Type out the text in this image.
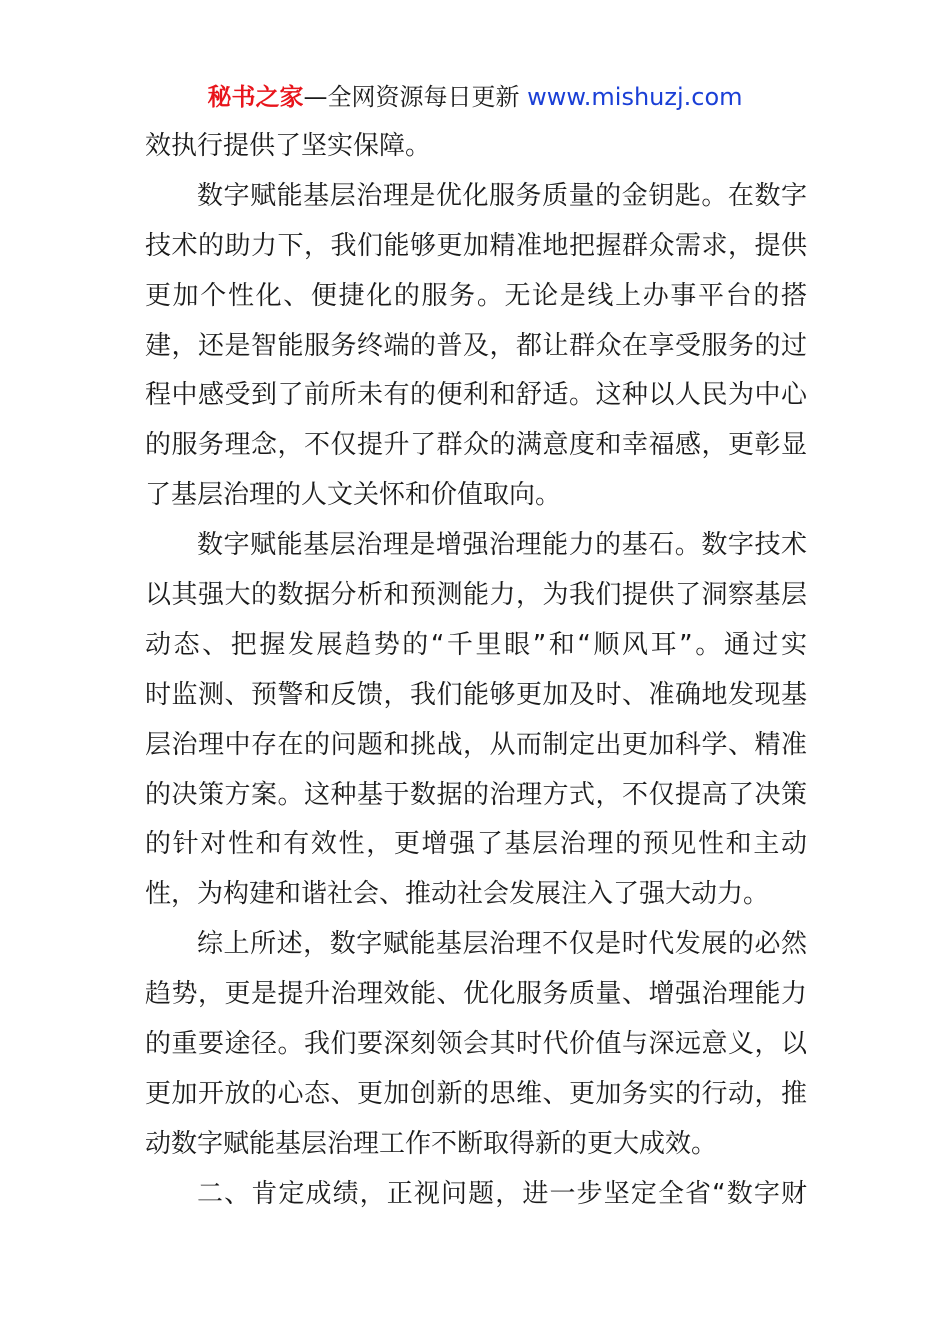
秘书之家—全网资源每日更新 www.mishuzj.com
效执行提供了坚实保障。
数字赋能基层治理是优化服务质量的金钥匙。在数字
技术的助力下，我们能够更加精准地把握群众需求，提供
更加个性化、便捷化的服务。无论是线上办事平台的搭
建，还是智能服务终端的普及，都让群众在享受服务的过
程中感受到了前所未有的便利和舒适。这种以人民为中心
的服务理念，不仅提升了群众的满意度和幸福感，更彰显
了基层治理的人文关怀和价值取向。
数字赋能基层治理是增强治理能力的基石。数字技术
以其强大的数据分析和预测能力，为我们提供了洞察基层
动态、把握发展趋势的“千里眼”和“顺风耳”。通过实
时监测、预警和反馈，我们能够更加及时、准确地发现基
层治理中存在的问题和挑战，从而制定出更加科学、精准
的决策方案。这种基于数据的治理方式，不仅提高了决策
的针对性和有效性，更增强了基层治理的预见性和主动
性，为构建和谐社会、推动社会发展注入了强大动力。
综上所述，数字赋能基层治理不仅是时代发展的必然
趋势，更是提升治理效能、优化服务质量、增强治理能力
的重要途径。我们要深刻领会其时代价值与深远意义，以
更加开放的心态、更加创新的思维、更加务实的行动，推
动数字赋能基层治理工作不断取得新的更大成效。
二、肯定成绩，正视问题，进一步坚定全省“数字财
